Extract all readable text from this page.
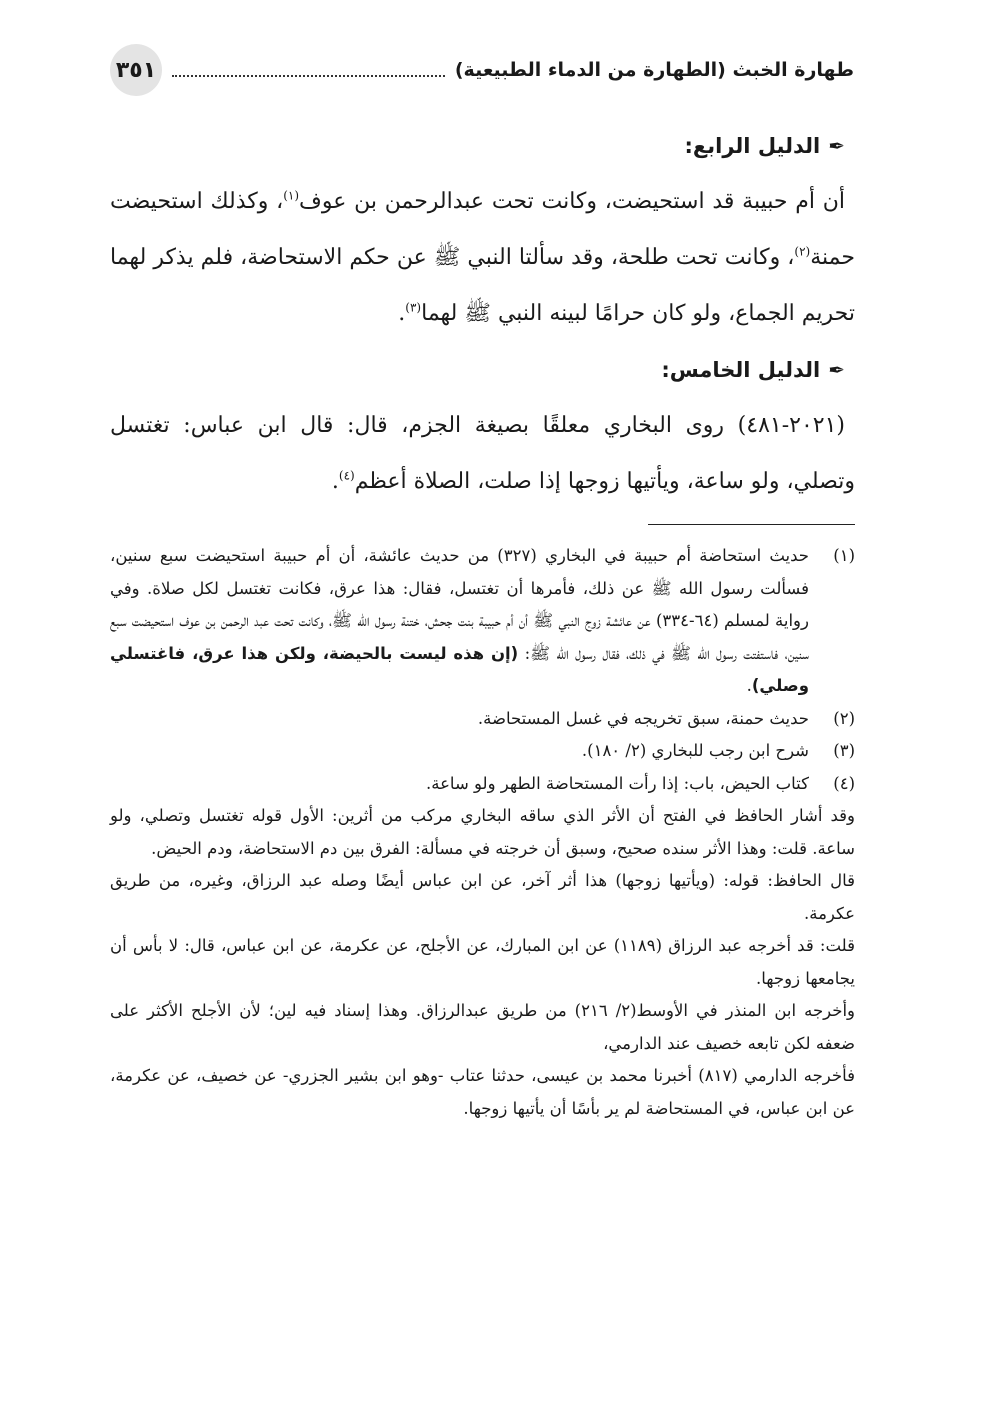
طهارة الخبث (الطهارة من الدماء الطبيعية)
٣٥١

✒الدليل الرابع:

أن أم حبيبة قد استحيضت، وكانت تحت عبدالرحمن بن عوف$^{(١)}$، وكذلك استحيضت حمنة$^{(٢)}$، وكانت تحت طلحة، وقد سألتا النبي ﷺ عن حكم الاستحاضة، فلم يذكر لهما تحريم الجماع، ولو كان حرامًا لبينه النبي ﷺ لهما$^{(٣)}$.

✒الدليل الخامس:

(٢٠٢١-٤٨١) روى البخاري معلقًا بصيغة الجزم، قال: قال ابن عباس: تغتسل وتصلي، ولو ساعة، ويأتيها زوجها إذا صلت، الصلاة أعظم$^{(٤)}$.

(١)
حديث استحاضة أم حبيبة في البخاري (٣٢٧) من حديث عائشة، أن أم حبيبة استحيضت سبع سنين، فسألت رسول الله ﷺ عن ذلك، فأمرها أن تغتسل، فقال: هذا عرق، فكانت تغتسل لكل صلاة. وفي رواية لمسلم (٦٤-٣٣٤) عن عائشة زوج النبي ﷺ أن أم حبيبة بنت جحش، ختنة رسول الله ﷺ، وكانت تحت عبد الرحمن بن عوف استحيضت سبع سنين، فاستفتت رسول الله ﷺ في ذلك، فقال رسول الله ﷺ: (إن هذه ليست بالحيضة، ولكن هذا عرق، فاغتسلي وصلي).
(٢)
حديث حمنة، سبق تخريجه في غسل المستحاضة.
(٣)
شرح ابن رجب للبخاري (٢/ ١٨٠).
(٤)
كتاب الحيض، باب: إذا رأت المستحاضة الطهر ولو ساعة.

وقد أشار الحافظ في الفتح أن الأثر الذي ساقه البخاري مركب من أثرين: الأول قوله تغتسل وتصلي، ولو ساعة. قلت: وهذا الأثر سنده صحيح، وسبق أن خرجته في مسألة: الفرق بين دم الاستحاضة، ودم الحيض.

قال الحافظ: قوله: (ويأتيها زوجها) هذا أثر آخر، عن ابن عباس أيضًا وصله عبد الرزاق، وغيره، من طريق عكرمة.

قلت: قد أخرجه عبد الرزاق (١١٨٩) عن ابن المبارك، عن الأجلح، عن عكرمة، عن ابن عباس، قال: لا بأس أن يجامعها زوجها.

وأخرجه ابن المنذر في الأوسط(٢/ ٢١٦) من طريق عبدالرزاق. وهذا إسناد فيه لين؛ لأن الأجلح الأكثر على ضعفه لكن تابعه خصيف عند الدارمي،

فأخرجه الدارمي (٨١٧) أخبرنا محمد بن عيسى، حدثنا عتاب -وهو ابن بشير الجزري- عن خصيف، عن عكرمة، عن ابن عباس، في المستحاضة لم ير بأسًا أن يأتيها زوجها.
